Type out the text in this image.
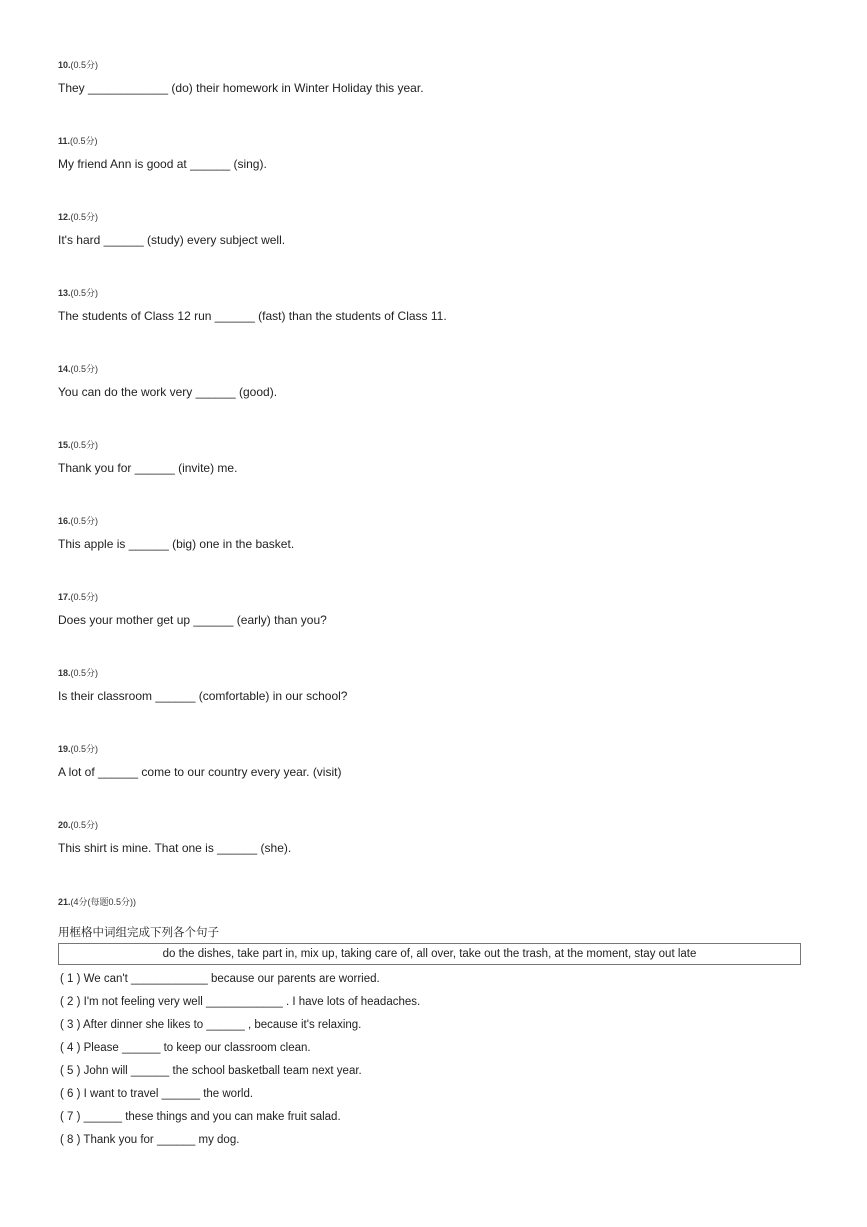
10.(0.5分)
They ____________ (do) their homework in Winter Holiday this year.
11.(0.5分)
My friend Ann is good at ______ (sing).
12.(0.5分)
It's hard ______ (study) every subject well.
13.(0.5分)
The students of Class 12 run ______ (fast) than the students of Class 11.
14.(0.5分)
You can do the work very ______ (good).
15.(0.5分)
Thank you for ______ (invite) me.
16.(0.5分)
This apple is ______ (big) one in the basket.
17.(0.5分)
Does your mother get up ______ (early) than you?
18.(0.5分)
Is their classroom ______ (comfortable) in our school?
19.(0.5分)
A lot of ______ come to our country every year. (visit)
20.(0.5分)
This shirt is mine. That one is ______ (she).
21.(4分(每题0.5分))
用框格中词组完成下列各个句子
do the dishes, take part in, mix up, taking care of, all over, take out the trash, at the moment, stay out late
( 1 ) We can't ____________ because our parents are worried.
( 2 ) I'm not feeling very well ____________ . I have lots of headaches.
( 3 ) After dinner she likes to ______ , because it's relaxing.
( 4 ) Please ______ to keep our classroom clean.
( 5 ) John will ______ the school basketball team next year.
( 6 ) I want to travel ______ the world.
( 7 ) ______ these things and you can make fruit salad.
( 8 ) Thank you for ______ my dog.
